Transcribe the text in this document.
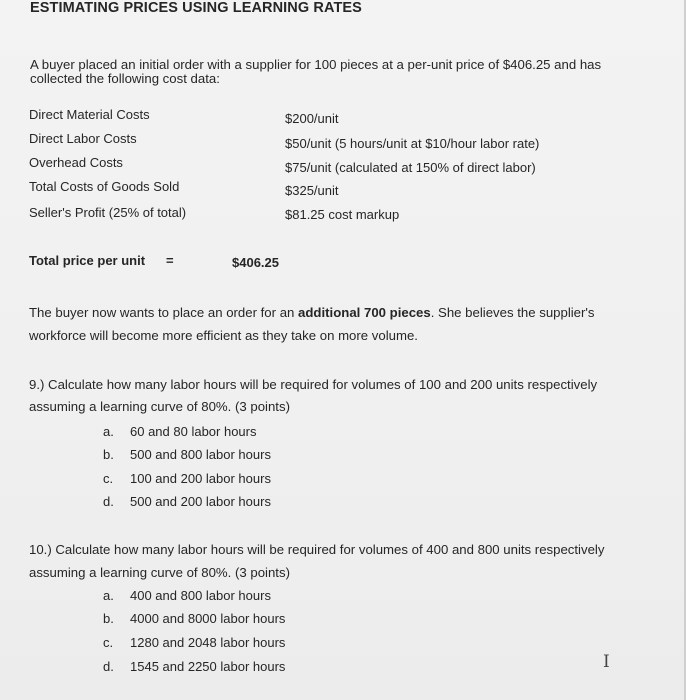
ESTIMATING PRICES USING LEARNING RATES
A buyer placed an initial order with a supplier for 100 pieces at a per-unit price of $406.25 and has
collected the following cost data:
Direct Material Costs
Direct Labor Costs
Overhead Costs
Total Costs of Goods Sold
Seller's Profit (25% of total)
$200/unit
$50/unit (5 hours/unit at $10/hour labor rate)
$75/unit (calculated at 150% of direct labor)
$325/unit
$81.25 cost markup
Total price per unit =	$406.25
The buyer now wants to place an order for an additional 700 pieces. She believes the supplier's
workforce will become more efficient as they take on more volume.
9.) Calculate how many labor hours will be required for volumes of 100 and 200 units respectively
assuming a learning curve of 80%. (3 points)
a. 60 and 80 labor hours
b. 500 and 800 labor hours
c. 100 and 200 labor hours
d. 500 and 200 labor hours
10.) Calculate how many labor hours will be required for volumes of 400 and 800 units respectively
assuming a learning curve of 80%. (3 points)
a. 400 and 800 labor hours
b. 4000 and 8000 labor hours
c. 1280 and 2048 labor hours
d. 1545 and 2250 labor hours	I
